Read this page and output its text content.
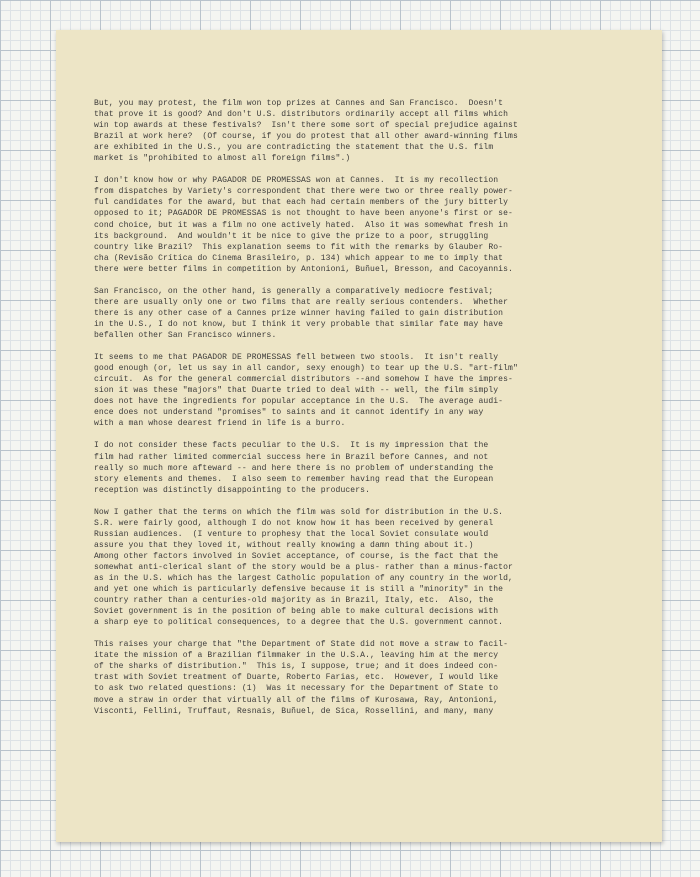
But, you may protest, the film won top prizes at Cannes and San Francisco.  Doesn't
that prove it is good? And don't U.S. distributors ordinarily accept all films which
win top awards at these festivals?  Isn't there some sort of special prejudice against
Brazil at work here?  (Of course, if you do protest that all other award-winning films
are exhibited in the U.S., you are contradicting the statement that the U.S. film
market is "prohibited to almost all foreign films".)
I don't know how or why PAGADOR DE PROMESSAS won at Cannes.  It is my recollection
from dispatches by Variety's correspondent that there were two or three really power-
ful candidates for the award, but that each had certain members of the jury bitterly
opposed to it; PAGADOR DE PROMESSAS is not thought to have been anyone's first or se-
cond choice, but it was a film no one actively hated.  Also it was somewhat fresh in
its background.  And wouldn't it be nice to give the prize to a poor, struggling
country like Brazil?  This explanation seems to fit with the remarks by Glauber Ro-
cha (Revisão Crítica do Cinema Brasileiro, p. 134) which appear to me to imply that
there were better films in competition by Antonioni, Buñuel, Bresson, and Cacoyannis.
San Francisco, on the other hand, is generally a comparatively mediocre festival;
there are usually only one or two films that are really serious contenders.  Whether
there is any other case of a Cannes prize winner having failed to gain distribution
in the U.S., I do not know, but I think it very probable that similar fate may have
befallen other San Francisco winners.
It seems to me that PAGADOR DE PROMESSAS fell between two stools.  It isn't really
good enough (or, let us say in all candor, sexy enough) to tear up the U.S. "art-film"
circuit.  As for the general commercial distributors --and somehow I have the impres-
sion it was these "majors" that Duarte tried to deal with -- well, the film simply
does not have the ingredients for popular acceptance in the U.S.  The average audi-
ence does not understand "promises" to saints and it cannot identify in any way
with a man whose dearest friend in life is a burro.
I do not consider these facts peculiar to the U.S.  It is my impression that the
film had rather limited commercial success here in Brazil before Cannes, and not
really so much more afteward -- and here there is no problem of understanding the
story elements and themes.  I also seem to remember having read that the European
reception was distinctly disappointing to the producers.
Now I gather that the terms on which the film was sold for distribution in the U.S.
S.R. were fairly good, although I do not know how it has been received by general
Russian audiences.  (I venture to prophesy that the local Soviet consulate would
assure you that they loved it, without really knowing a damn thing about it.)
Among other factors involved in Soviet acceptance, of course, is the fact that the
somewhat anti-clerical slant of the story would be a plus- rather than a minus-factor
as in the U.S. which has the largest Catholic population of any country in the world,
and yet one which is particularly defensive because it is still a "minority" in the
country rather than a centuries-old majority as in Brazil, Italy, etc.  Also, the
Soviet government is in the position of being able to make cultural decisions with
a sharp eye to political consequences, to a degree that the U.S. government cannot.
This raises your charge that "the Department of State did not move a straw to facil-
itate the mission of a Brazilian filmmaker in the U.S.A., leaving him at the mercy
of the sharks of distribution."  This is, I suppose, true; and it does indeed con-
trast with Soviet treatment of Duarte, Roberto Farias, etc.  However, I would like
to ask two related questions: (1)  Was it necessary for the Department of State to
move a straw in order that virtually all of the films of Kurosawa, Ray, Antonioni,
Visconti, Fellini, Truffaut, Resnais, Buñuel, de Sica, Rossellini, and many, many
